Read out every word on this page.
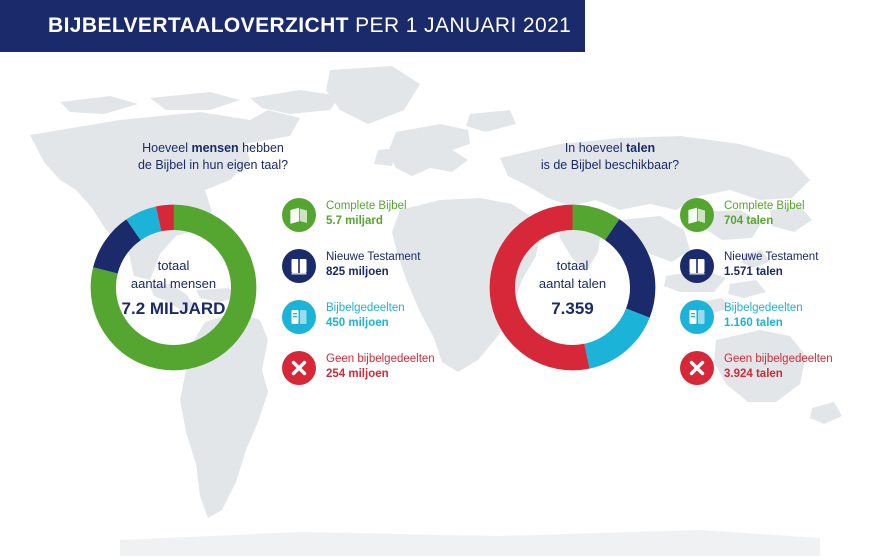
BIJBELVERTAALOVERZICHT PER 1 JANUARI 2021
Hoeveel mensen hebben
de Bijbel in hun eigen taal?
totaal
aantal mensen
7.2 MILJARD
Complete Bijbel
5.7 miljard
Nieuwe Testament
825 miljoen
Bijbelgedeelten
450 miljoen
Geen bijbelgedeelten
254 miljoen
In hoeveel talen
is de Bijbel beschikbaar?
totaal
aantal talen
7.359
Complete Bijbel
704 talen
Nieuwe Testament
1.571 talen
Bijbelgedeelten
1.160 talen
Geen bijbelgedeelten
3.924 talen
